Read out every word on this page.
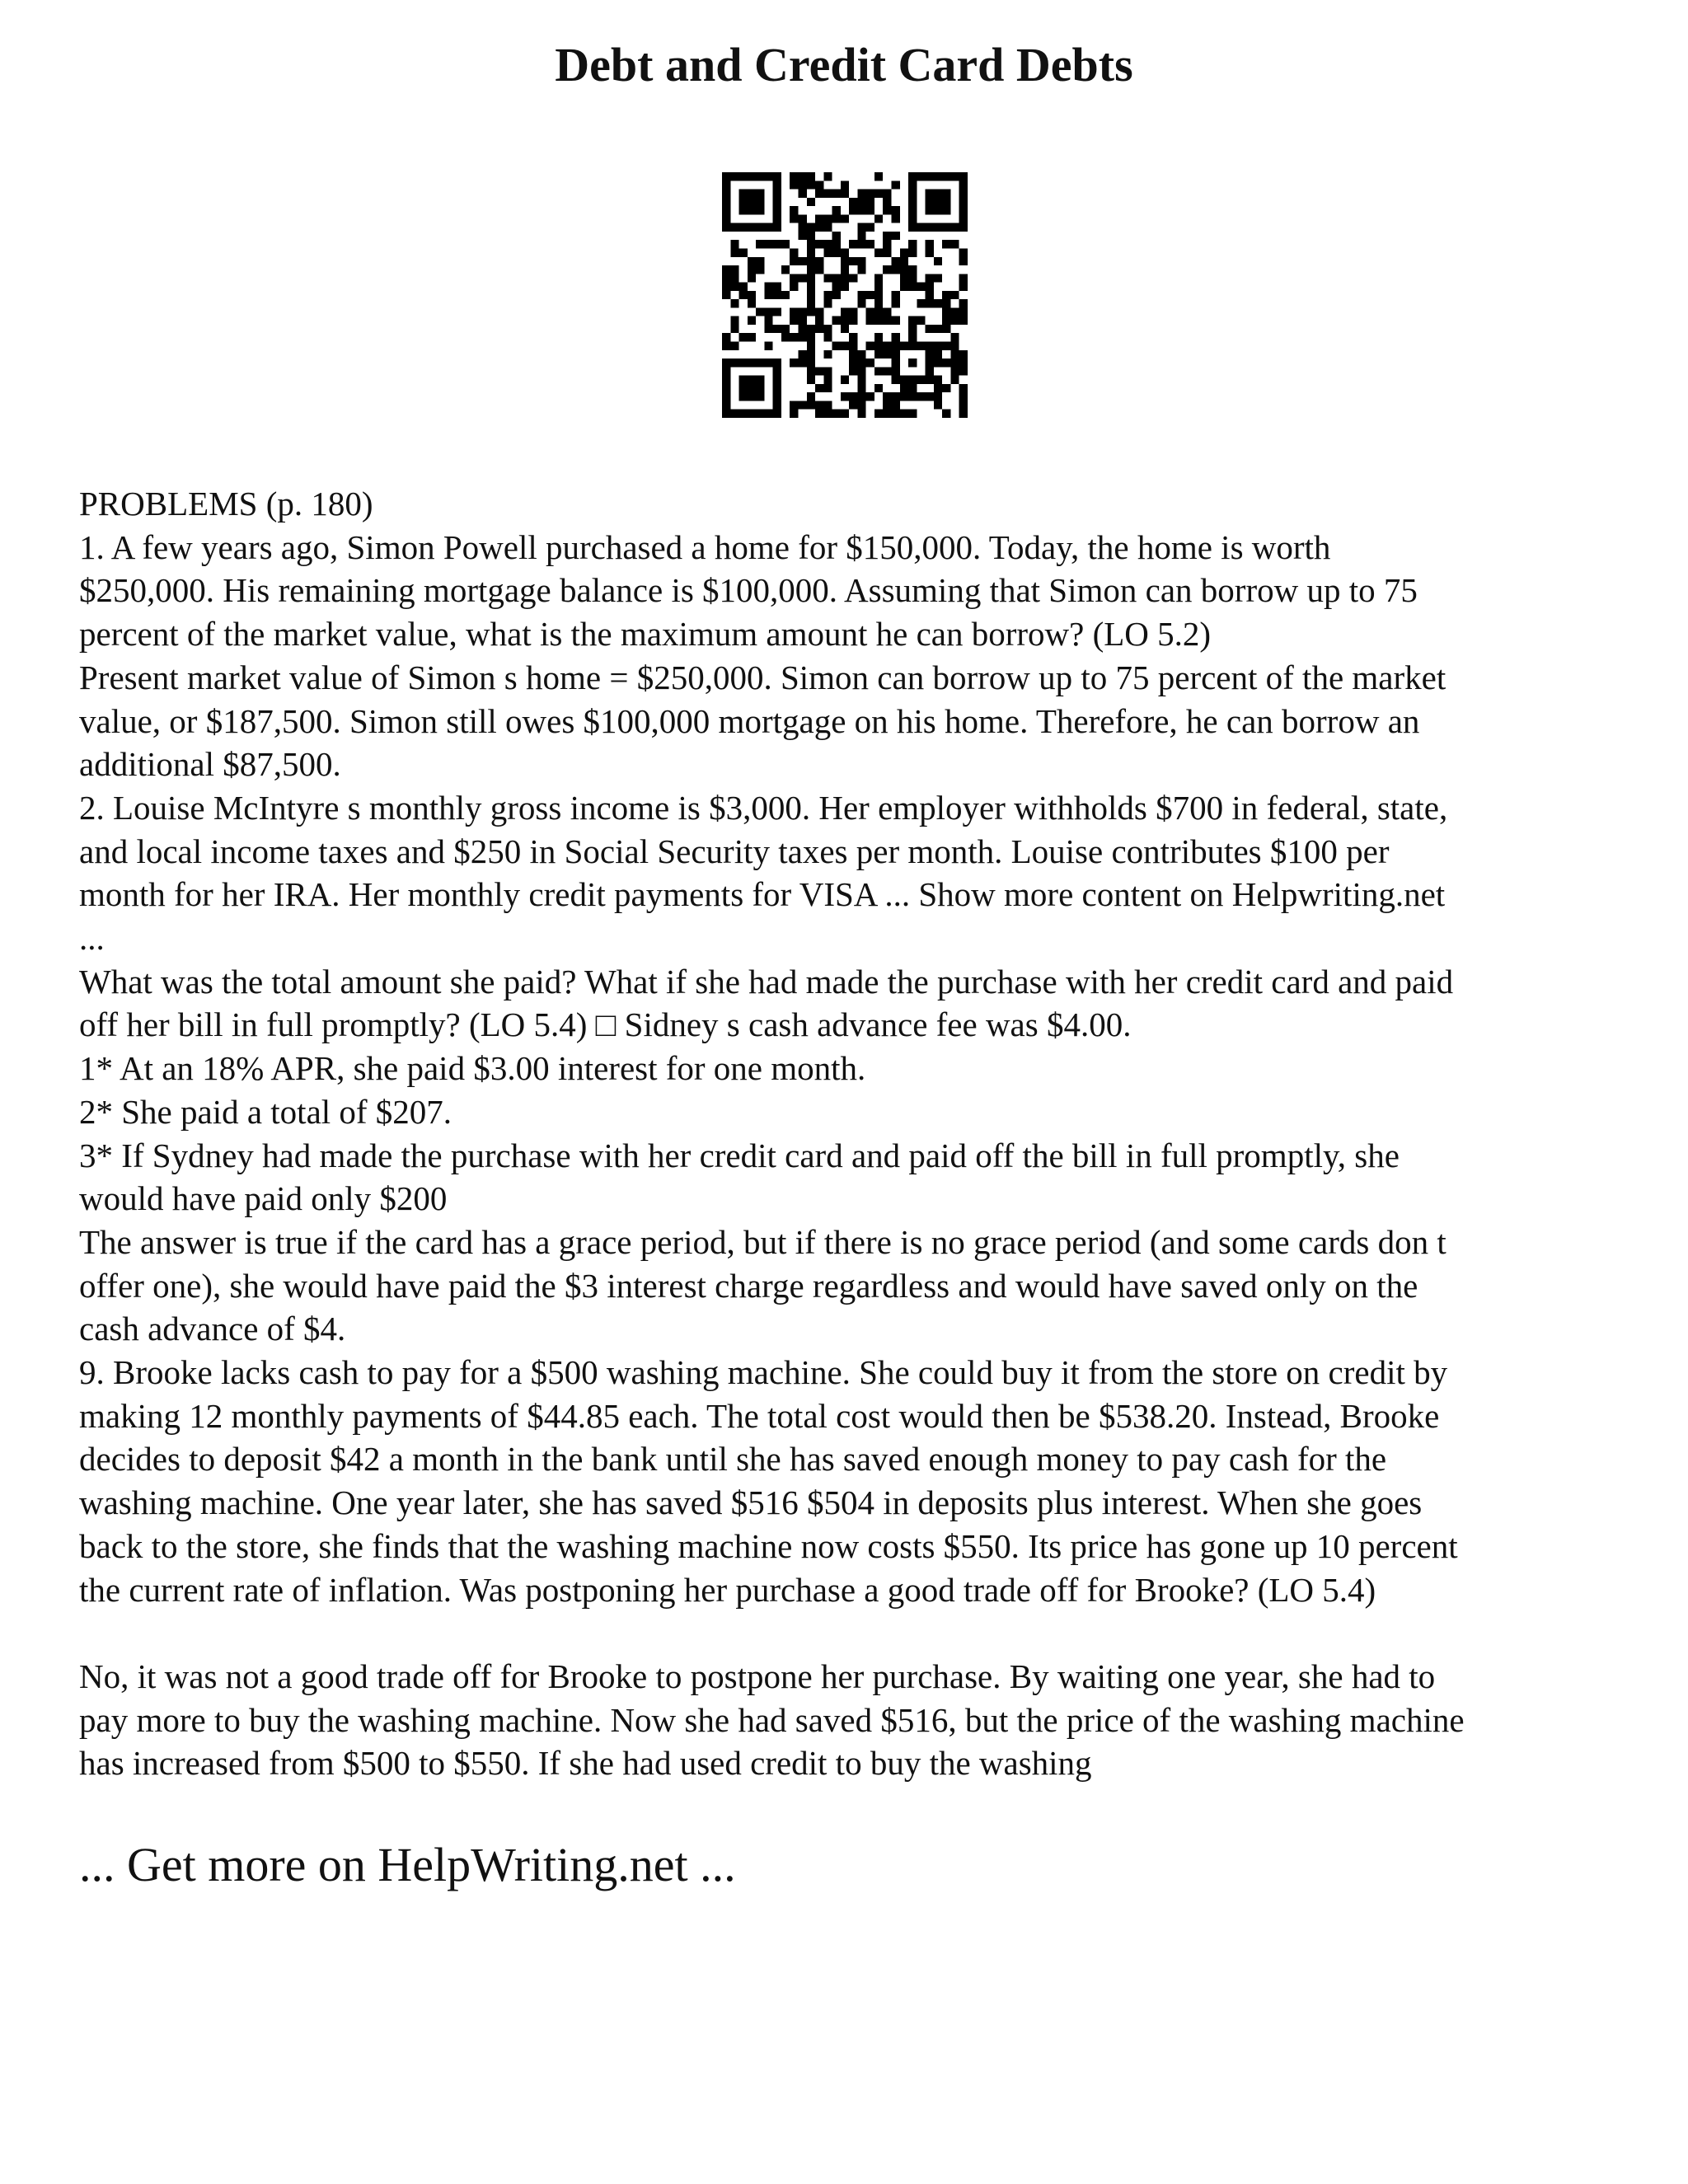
Debt and Credit Card Debts
PROBLEMS (p. 180)
1. A few years ago, Simon Powell purchased a home for $150,000. Today, the home is worth
$250,000. His remaining mortgage balance is $100,000. Assuming that Simon can borrow up to 75
percent of the market value, what is the maximum amount he can borrow? (LO 5.2)
Present market value of Simon s home = $250,000. Simon can borrow up to 75 percent of the market
value, or $187,500. Simon still owes $100,000 mortgage on his home. Therefore, he can borrow an
additional $87,500.
2. Louise McIntyre s monthly gross income is $3,000. Her employer withholds $700 in federal, state,
and local income taxes and $250 in Social Security taxes per month. Louise contributes $100 per
month for her IRA. Her monthly credit payments for VISA ... Show more content on Helpwriting.net
...
What was the total amount she paid? What if she had made the purchase with her credit card and paid
off her bill in full promptly? (LO 5.4) □ Sidney s cash advance fee was $4.00.
1* At an 18% APR, she paid $3.00 interest for one month.
2* She paid a total of $207.
3* If Sydney had made the purchase with her credit card and paid off the bill in full promptly, she
would have paid only $200
The answer is true if the card has a grace period, but if there is no grace period (and some cards don t
offer one), she would have paid the $3 interest charge regardless and would have saved only on the
cash advance of $4.
9. Brooke lacks cash to pay for a $500 washing machine. She could buy it from the store on credit by
making 12 monthly payments of $44.85 each. The total cost would then be $538.20. Instead, Brooke
decides to deposit $42 a month in the bank until she has saved enough money to pay cash for the
washing machine. One year later, she has saved $516 $504 in deposits plus interest. When she goes
back to the store, she finds that the washing machine now costs $550. Its price has gone up 10 percent
the current rate of inflation. Was postponing her purchase a good trade off for Brooke? (LO 5.4)
No, it was not a good trade off for Brooke to postpone her purchase. By waiting one year, she had to
pay more to buy the washing machine. Now she had saved $516, but the price of the washing machine
has increased from $500 to $550. If she had used credit to buy the washing
... Get more on HelpWriting.net ...
